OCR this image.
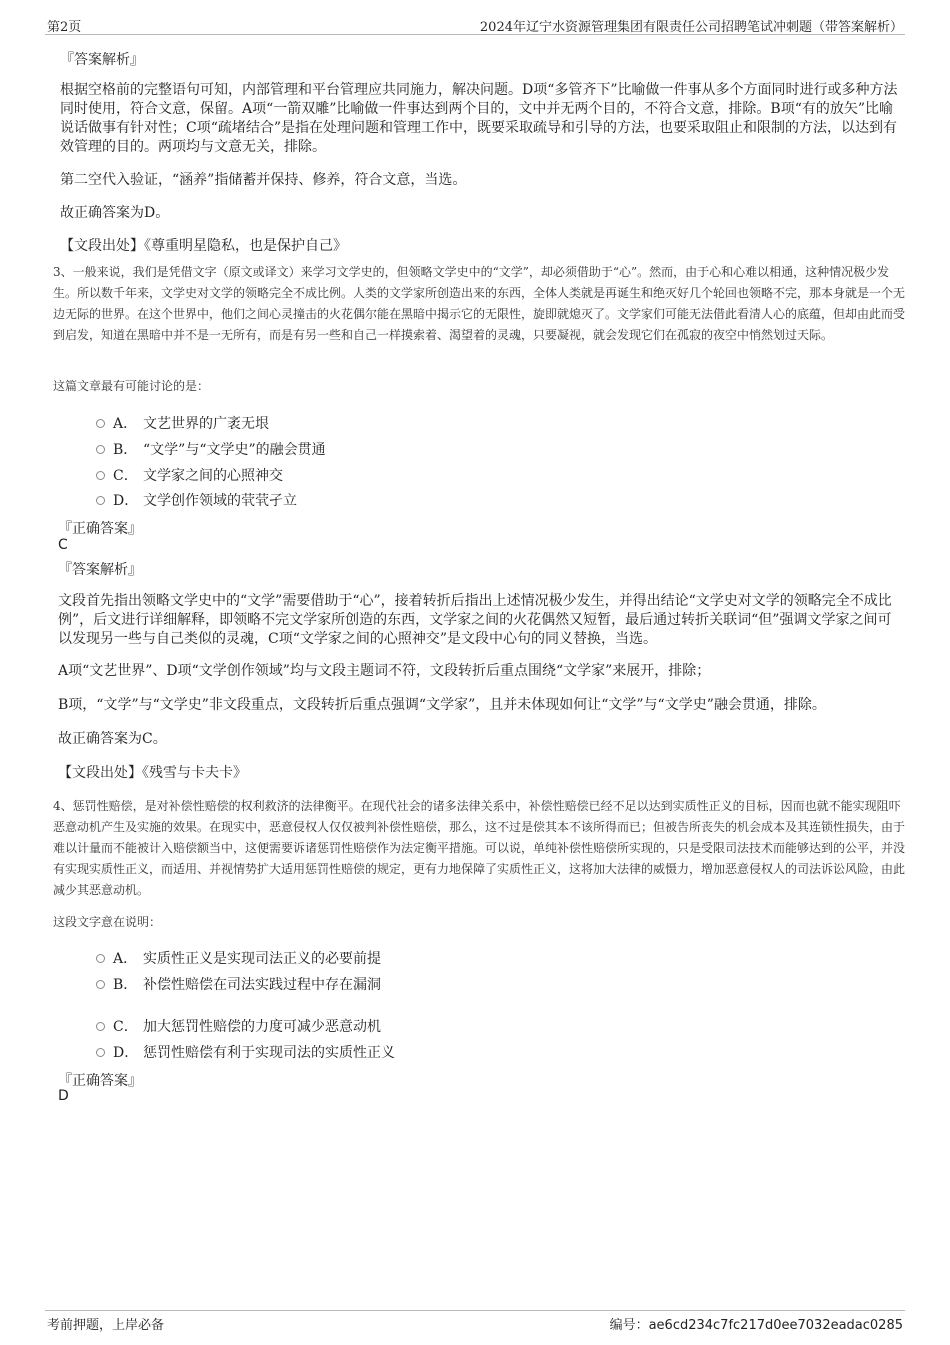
第2页	2024年辽宁水资源管理集团有限责任公司招聘笔试冲刺题（带答案解析）
『答案解析』
根据空格前的完整语句可知，内部管理和平台管理应共同施力，解决问题。D项“多管齐下”比喻做一件事从多个方面同时进行或多种方法同时使用，符合文意，保留。A项“一箭双雕”比喻做一件事达到两个目的，文中并无两个目的，不符合文意，排除。B项“有的放矢”比喻说话做事有针对性；C项“疏堵结合”是指在处理问题和管理工作中，既要采取疏导和引导的方法，也要采取阻止和限制的方法，以达到有效管理的目的。两项均与文意无关，排除。
第二空代入验证，“涵养”指储蓄并保持、修养，符合文意，当选。
故正确答案为D。
【文段出处】《尊重明星隐私，也是保护自己》
3、一般来说，我们是凭借文字（原文或译文）来学习文学史的，但领略文学史中的“文学”，却必须借助于“心”。然而，由于心和心难以相通，这种情况极少发生。所以数千年来，文学史对文学的领略完全不成比例。人类的文学家所创造出来的东西，全体人类就是再诞生和绝灭好几个轮回也领略不完，那本身就是一个无边无际的世界。在这个世界中，他们之间心灵撞击的火花偶尔能在黑暗中揭示它的无限性，旋即就熄灭了。文学家们可能无法借此看清人心的底蕴，但却由此而受到启发，知道在黑暗中并不是一无所有，而是有另一些和自己一样摸索着、渴望着的灵魂，只要凝视，就会发现它们在孤寂的夜空中悄然划过天际。
这篇文章最有可能讨论的是：
A． 文艺世界的广袤无垠
B． “文学”与“文学史”的融会贯通
C． 文学家之间的心照神交
D． 文学创作领域的茕茕孑立
『正确答案』
C
『答案解析』
文段首先指出领略文学史中的“文学”需要借助于“心”，接着转折后指出上述情况极少发生，并得出结论“文学史对文学的领略完全不成比例”，后文进行详细解释，即领略不完文学家所创造的东西，文学家之间的火花偶然又短暂，最后通过转折关联词“但”强调文学家之间可以发现另一些与自己类似的灵魂，C项“文学家之间的心照神交”是文段中心句的同义替换，当选。
A项“文艺世界”、D项“文学创作领域”均与文段主题词不符，文段转折后重点围绕“文学家”来展开，排除；
B项，“文学”与“文学史”非文段重点，文段转折后重点强调“文学家”，且并未体现如何让“文学”与“文学史”融会贯通，排除。
故正确答案为C。
【文段出处】《残雪与卡夫卡》
4、惩罚性赔偿，是对补偿性赔偿的权利救济的法律衡平。在现代社会的诸多法律关系中，补偿性赔偿已经不足以达到实质性正义的目标，因而也就不能实现阻吓恶意动机产生及实施的效果。在现实中，恶意侵权人仅仅被判补偿性赔偿，那么，这不过是偿其本不该所得而已；但被告所丧失的机会成本及其连锁性损失，由于难以计量而不能被计入赔偿额当中，这便需要诉诸惩罚性赔偿作为法定衡平措施。可以说，单纯补偿性赔偿所实现的，只是受限司法技术而能够达到的公平，并没有实现实质性正义，而适用、并视情势扩大适用惩罚性赔偿的规定，更有力地保障了实质性正义，这将加大法律的威慑力，增加恶意侵权人的司法诉讼风险，由此减少其恶意动机。
这段文字意在说明：
A． 实质性正义是实现司法正义的必要前提
B． 补偿性赔偿在司法实践过程中存在漏洞
C． 加大惩罚性赔偿的力度可减少恶意动机
D． 惩罚性赔偿有利于实现司法的实质性正义
『正确答案』
D
考前押题，上岸必备	编号：ae6cd234c7fc217d0ee7032eadac0285
